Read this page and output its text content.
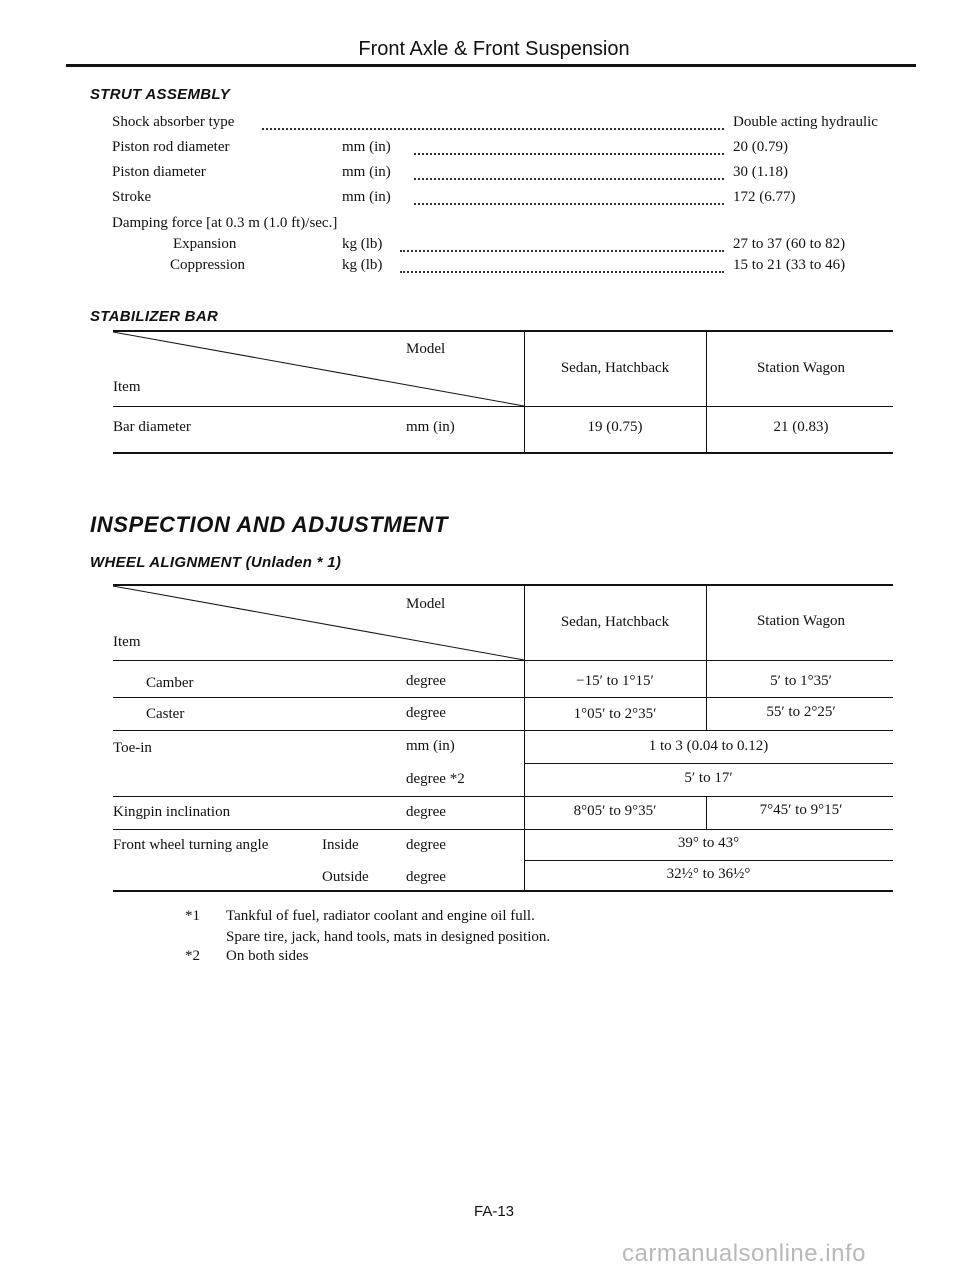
Front Axle & Front Suspension
STRUT ASSEMBLY
Shock absorber type	Double acting hydraulic
Piston rod diameter	mm (in)	20 (0.79)
Piston diameter	mm (in)	30 (1.18)
Stroke	mm (in)	172 (6.77)
Damping force [at 0.3 m (1.0 ft)/sec.]
Expansion	kg (lb)	27 to 37 (60 to 82)
Coppression	kg (lb)	15 to 21 (33 to 46)
STABILIZER BAR
Model
Item
Sedan, Hatchback	Station Wagon
Bar diameter	mm (in)	19 (0.75)	21 (0.83)
INSPECTION AND ADJUSTMENT
WHEEL ALIGNMENT (Unladen * 1)
Model
Item
Sedan, Hatchback	Station Wagon
Camber	degree	−15′ to 1°15′	5′ to 1°35′
Caster	degree	1°05′ to 2°35′	55′ to 2°25′
Toe-in	mm (in)	1 to 3 (0.04 to 0.12)
degree *2	5′ to 17′
Kingpin inclination	degree	8°05′ to 9°35′	7°45′ to 9°15′
Front wheel turning angle	Inside	degree	39° to 43°
Outside degree	32½° to 36½°
*1 Tankful of fuel, radiator coolant and engine oil full.
Spare tire, jack, hand tools, mats in designed position.
*2 On both sides
FA-13
carmanualsonline.info
